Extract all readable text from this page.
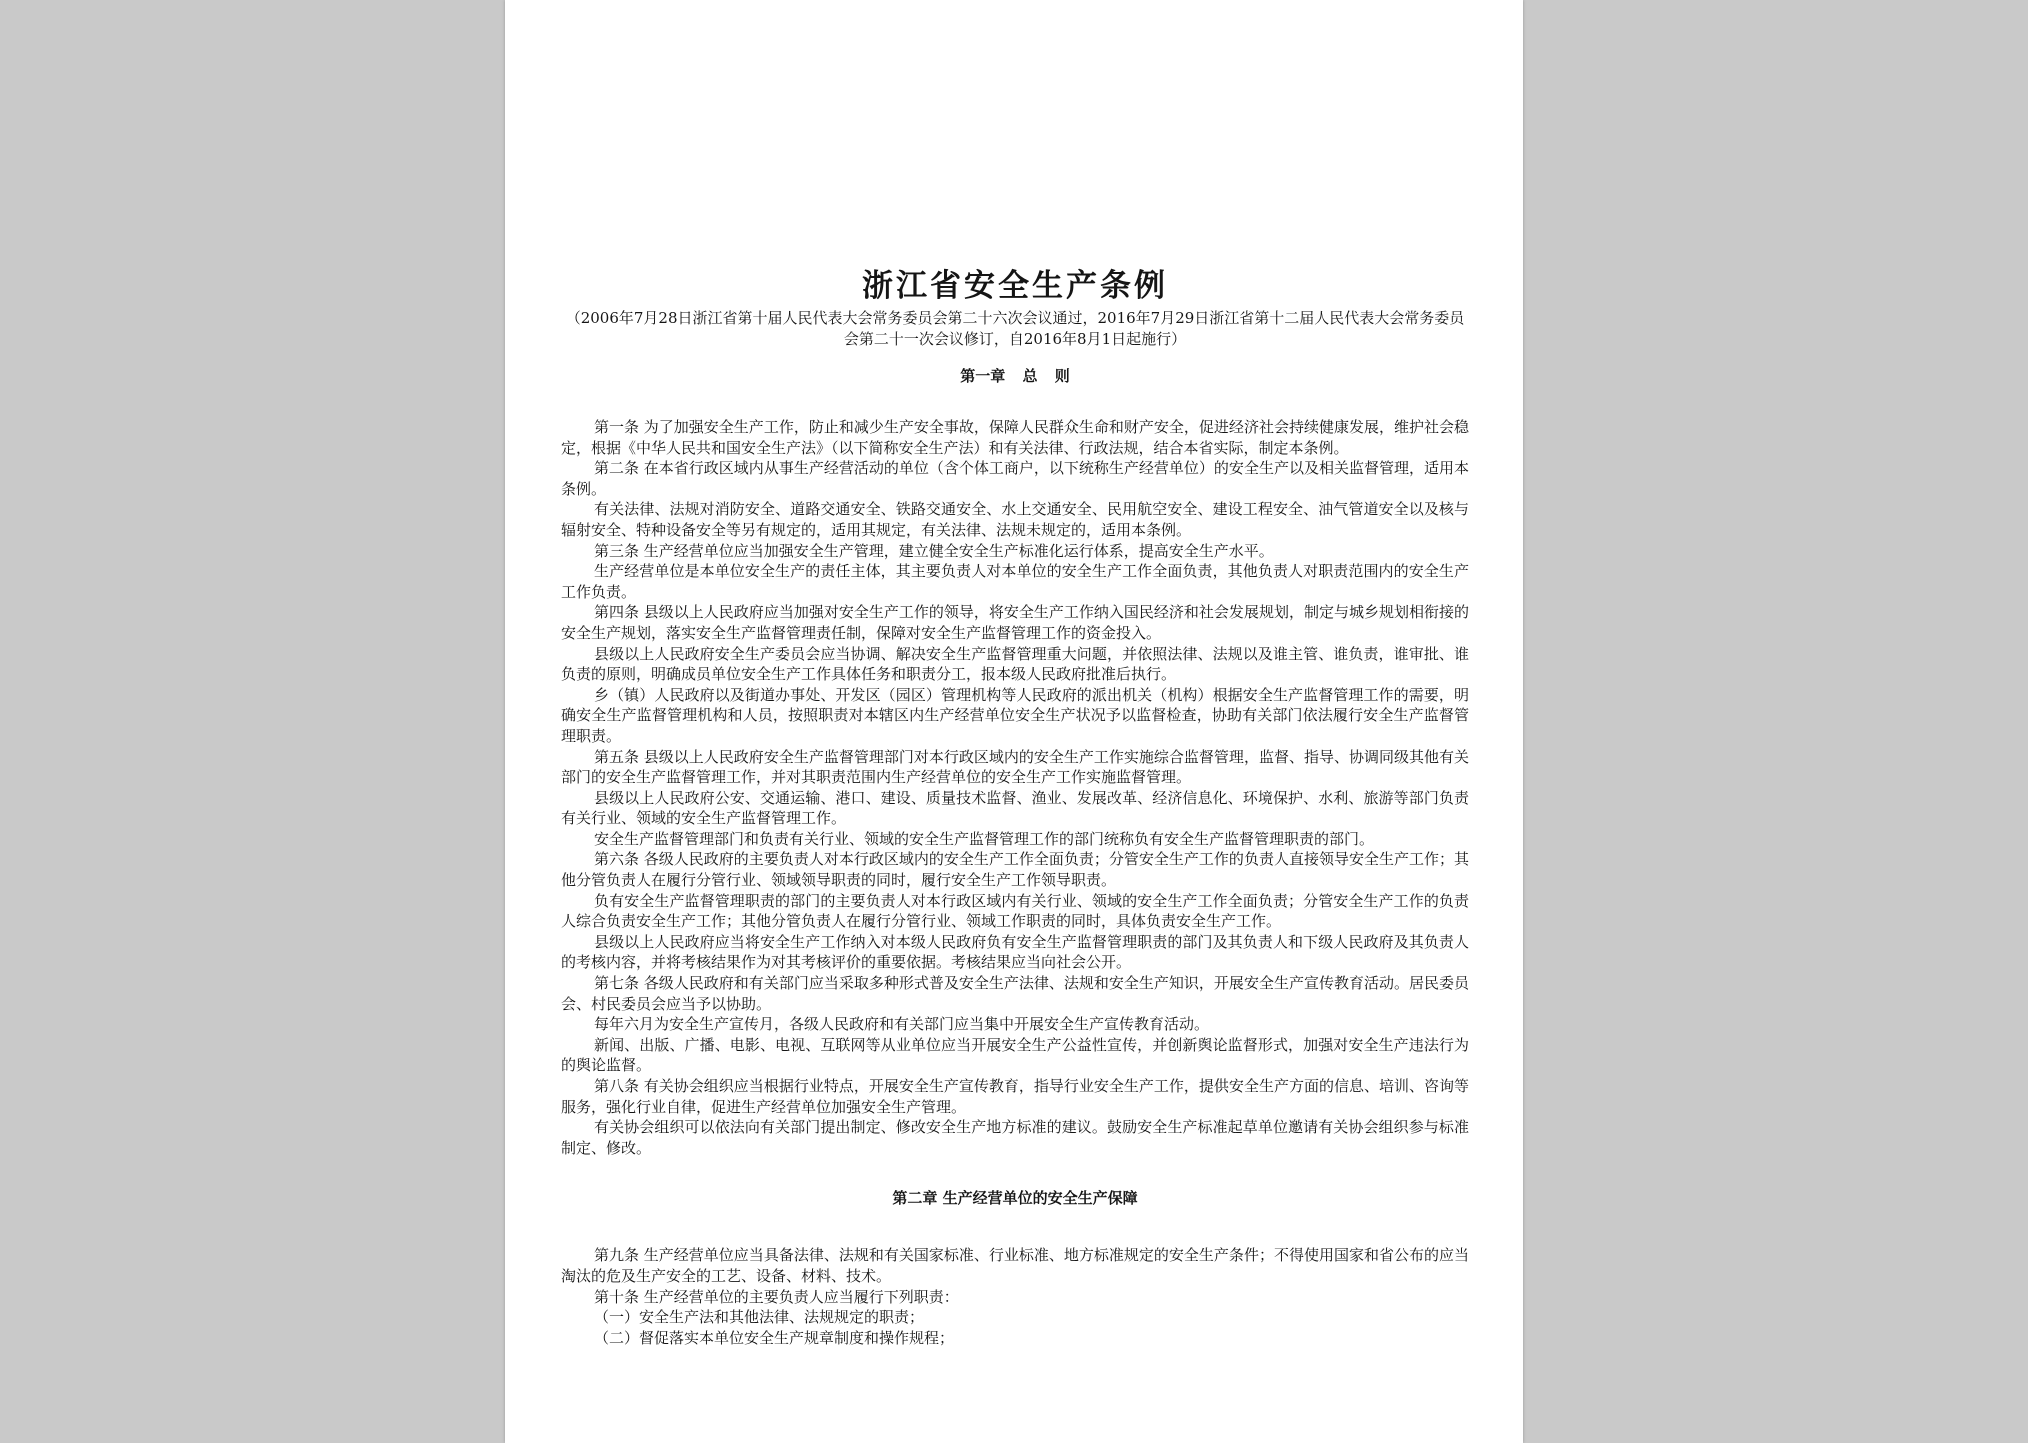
浙江省安全生产条例

（2006年7月28日浙江省第十届人民代表大会常务委员会第二十六次会议通过，2016年7月29日浙江省第十二届人民代表大会常务委员会第二十一次会议修订，自2016年8月1日起施行）

第一章 总 则

第一条 为了加强安全生产工作，防止和减少生产安全事故，保障人民群众生命和财产安全，促进经济社会持续健康发展，维护社会稳定，根据《中华人民共和国安全生产法》（以下简称安全生产法）和有关法律、行政法规，结合本省实际，制定本条例。

第二条 在本省行政区域内从事生产经营活动的单位（含个体工商户，以下统称生产经营单位）的安全生产以及相关监督管理，适用本条例。

有关法律、法规对消防安全、道路交通安全、铁路交通安全、水上交通安全、民用航空安全、建设工程安全、油气管道安全以及核与辐射安全、特种设备安全等另有规定的，适用其规定，有关法律、法规未规定的，适用本条例。

第三条 生产经营单位应当加强安全生产管理，建立健全安全生产标准化运行体系，提高安全生产水平。

生产经营单位是本单位安全生产的责任主体，其主要负责人对本单位的安全生产工作全面负责，其他负责人对职责范围内的安全生产工作负责。

第四条 县级以上人民政府应当加强对安全生产工作的领导，将安全生产工作纳入国民经济和社会发展规划，制定与城乡规划相衔接的安全生产规划，落实安全生产监督管理责任制，保障对安全生产监督管理工作的资金投入。

县级以上人民政府安全生产委员会应当协调、解决安全生产监督管理重大问题，并依照法律、法规以及谁主管、谁负责，谁审批、谁负责的原则，明确成员单位安全生产工作具体任务和职责分工，报本级人民政府批准后执行。

乡（镇）人民政府以及街道办事处、开发区（园区）管理机构等人民政府的派出机关（机构）根据安全生产监督管理工作的需要，明确安全生产监督管理机构和人员，按照职责对本辖区内生产经营单位安全生产状况予以监督检查，协助有关部门依法履行安全生产监督管理职责。

第五条 县级以上人民政府安全生产监督管理部门对本行政区域内的安全生产工作实施综合监督管理，监督、指导、协调同级其他有关部门的安全生产监督管理工作，并对其职责范围内生产经营单位的安全生产工作实施监督管理。

县级以上人民政府公安、交通运输、港口、建设、质量技术监督、渔业、发展改革、经济信息化、环境保护、水利、旅游等部门负责有关行业、领域的安全生产监督管理工作。

安全生产监督管理部门和负责有关行业、领域的安全生产监督管理工作的部门统称负有安全生产监督管理职责的部门。

第六条 各级人民政府的主要负责人对本行政区域内的安全生产工作全面负责；分管安全生产工作的负责人直接领导安全生产工作；其他分管负责人在履行分管行业、领域领导职责的同时，履行安全生产工作领导职责。

负有安全生产监督管理职责的部门的主要负责人对本行政区域内有关行业、领域的安全生产工作全面负责；分管安全生产工作的负责人综合负责安全生产工作；其他分管负责人在履行分管行业、领域工作职责的同时，具体负责安全生产工作。

县级以上人民政府应当将安全生产工作纳入对本级人民政府负有安全生产监督管理职责的部门及其负责人和下级人民政府及其负责人的考核内容，并将考核结果作为对其考核评价的重要依据。考核结果应当向社会公开。

第七条 各级人民政府和有关部门应当采取多种形式普及安全生产法律、法规和安全生产知识，开展安全生产宣传教育活动。居民委员会、村民委员会应当予以协助。

每年六月为安全生产宣传月，各级人民政府和有关部门应当集中开展安全生产宣传教育活动。

新闻、出版、广播、电影、电视、互联网等从业单位应当开展安全生产公益性宣传，并创新舆论监督形式，加强对安全生产违法行为的舆论监督。

第八条 有关协会组织应当根据行业特点，开展安全生产宣传教育，指导行业安全生产工作，提供安全生产方面的信息、培训、咨询等服务，强化行业自律，促进生产经营单位加强安全生产管理。

有关协会组织可以依法向有关部门提出制定、修改安全生产地方标准的建议。鼓励安全生产标准起草单位邀请有关协会组织参与标准制定、修改。

第二章 生产经营单位的安全生产保障

第九条 生产经营单位应当具备法律、法规和有关国家标准、行业标准、地方标准规定的安全生产条件；不得使用国家和省公布的应当淘汰的危及生产安全的工艺、设备、材料、技术。

第十条 生产经营单位的主要负责人应当履行下列职责：

（一）安全生产法和其他法律、法规规定的职责；

（二）督促落实本单位安全生产规章制度和操作规程；
